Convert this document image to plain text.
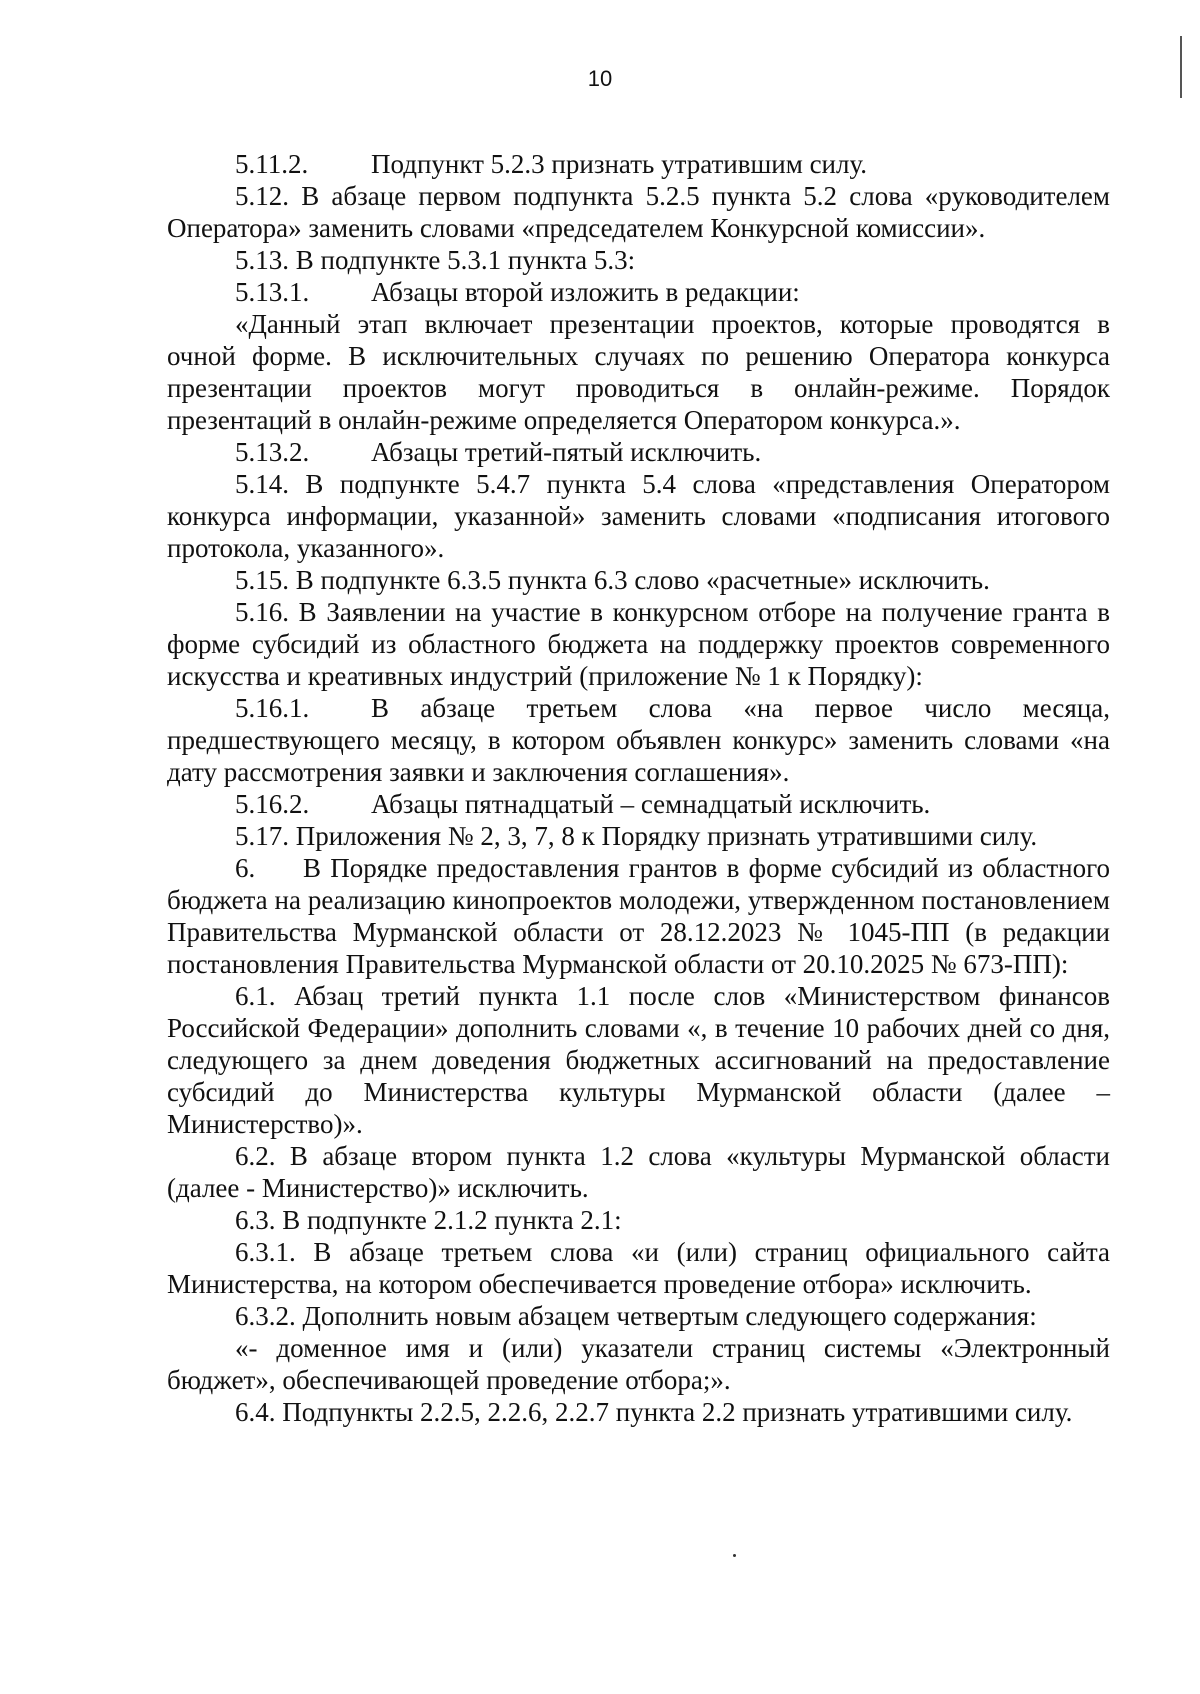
10

5.11.2. Подпункт 5.2.3 признать утратившим силу.

5.12. В абзаце первом подпункта 5.2.5 пункта 5.2 слова «руководителем Оператора» заменить словами «председателем Конкурсной комиссии».

5.13. В подпункте 5.3.1 пункта 5.3:

5.13.1. Абзацы второй изложить в редакции:

«Данный этап включает презентации проектов, которые проводятся в очной форме. В исключительных случаях по решению Оператора конкурса презентации проектов могут проводиться в онлайн-режиме. Порядок презентаций в онлайн-режиме определяется Оператором конкурса.».

5.13.2. Абзацы третий-пятый исключить.

5.14. В подпункте 5.4.7 пункта 5.4 слова «представления Оператором конкурса информации, указанной» заменить словами «подписания итогового протокола, указанного».

5.15. В подпункте 6.3.5 пункта 6.3 слово «расчетные» исключить.

5.16. В Заявлении на участие в конкурсном отборе на получение гранта в форме субсидий из областного бюджета на поддержку проектов современного искусства и креативных индустрий (приложение № 1 к Порядку):

5.16.1. В абзаце третьем слова «на первое число месяца, предшествующего месяцу, в котором объявлен конкурс» заменить словами «на дату рассмотрения заявки и заключения соглашения».

5.16.2. Абзацы пятнадцатый – семнадцатый исключить.

5.17. Приложения № 2, 3, 7, 8 к Порядку признать утратившими силу.

6. В Порядке предоставления грантов в форме субсидий из областного бюджета на реализацию кинопроектов молодежи, утвержденном постановлением Правительства Мурманской области от 28.12.2023 № 1045-ПП (в редакции постановления Правительства Мурманской области от 20.10.2025 № 673-ПП):

6.1. Абзац третий пункта 1.1 после слов «Министерством финансов Российской Федерации» дополнить словами «, в течение 10 рабочих дней со дня, следующего за днем доведения бюджетных ассигнований на предоставление субсидий до Министерства культуры Мурманской области (далее – Министерство)».

6.2. В абзаце втором пункта 1.2 слова «культуры Мурманской области (далее - Министерство)» исключить.

6.3. В подпункте 2.1.2 пункта 2.1:

6.3.1. В абзаце третьем слова «и (или) страниц официального сайта Министерства, на котором обеспечивается проведение отбора» исключить.

6.3.2. Дополнить новым абзацем четвертым следующего содержания:

«- доменное имя и (или) указатели страниц системы «Электронный бюджет», обеспечивающей проведение отбора;».

6.4. Подпункты 2.2.5, 2.2.6, 2.2.7 пункта 2.2 признать утратившими силу.
